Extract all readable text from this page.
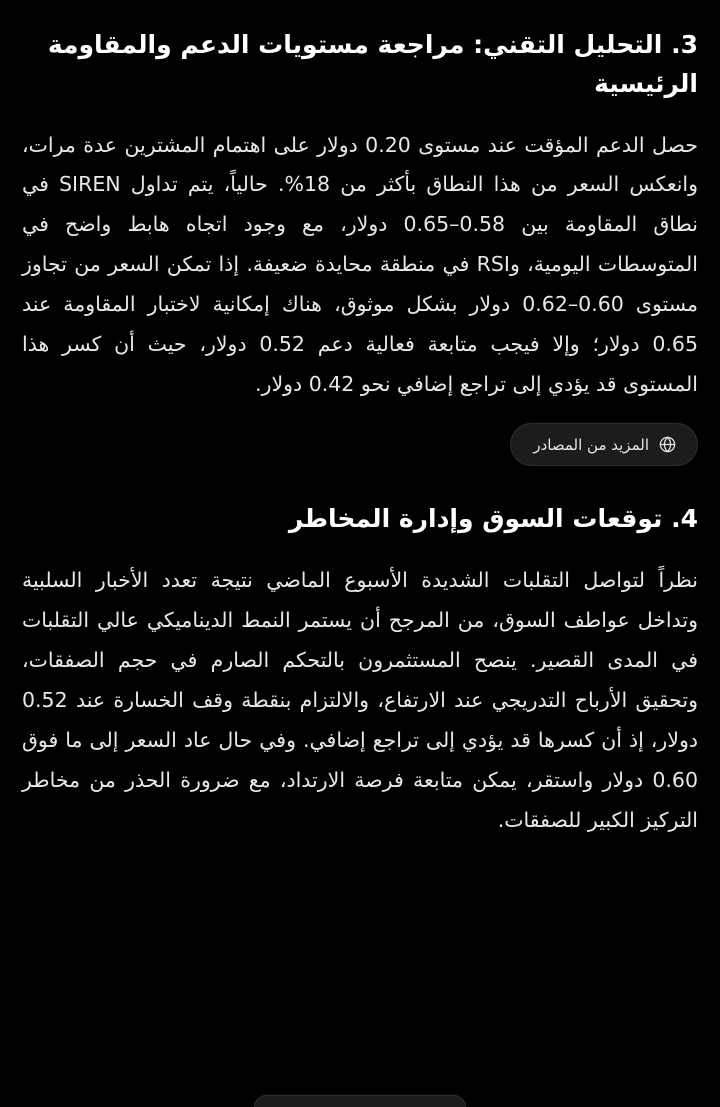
3. التحليل التقني: مراجعة مستويات الدعم والمقاومة الرئيسية

حصل الدعم المؤقت عند مستوى 0.20 دولار على اهتمام المشترين عدة مرات، وانعكس السعر من هذا النطاق بأكثر من 18%. حالياً، يتم تداول SIREN في نطاق المقاومة بين 0.58–0.65 دولار، مع وجود اتجاه هابط واضح في المتوسطات اليومية، وRSI في منطقة محايدة ضعيفة. إذا تمكن السعر من تجاوز مستوى 0.60–0.62 دولار بشكل موثوق، هناك إمكانية لاختبار المقاومة عند 0.65 دولار؛ وإلا فيجب متابعة فعالية دعم 0.52 دولار، حيث أن كسر هذا المستوى قد يؤدي إلى تراجع إضافي نحو 0.42 دولار.

المزيد من المصادر
4. توقعات السوق وإدارة المخاطر

نظراً لتواصل التقلبات الشديدة الأسبوع الماضي نتيجة تعدد الأخبار السلبية وتداخل عواطف السوق، من المرجح أن يستمر النمط الديناميكي عالي التقلبات في المدى القصير. ينصح المستثمرون بالتحكم الصارم في حجم الصفقات، وتحقيق الأرباح التدريجي عند الارتفاع، والالتزام بنقطة وقف الخسارة عند 0.52 دولار، إذ أن كسرها قد يؤدي إلى تراجع إضافي. وفي حال عاد السعر إلى ما فوق 0.60 دولار واستقر، يمكن متابعة فرصة الارتداد، مع ضرورة الحذر من مخاطر التركيز الكبير للصفقات.
